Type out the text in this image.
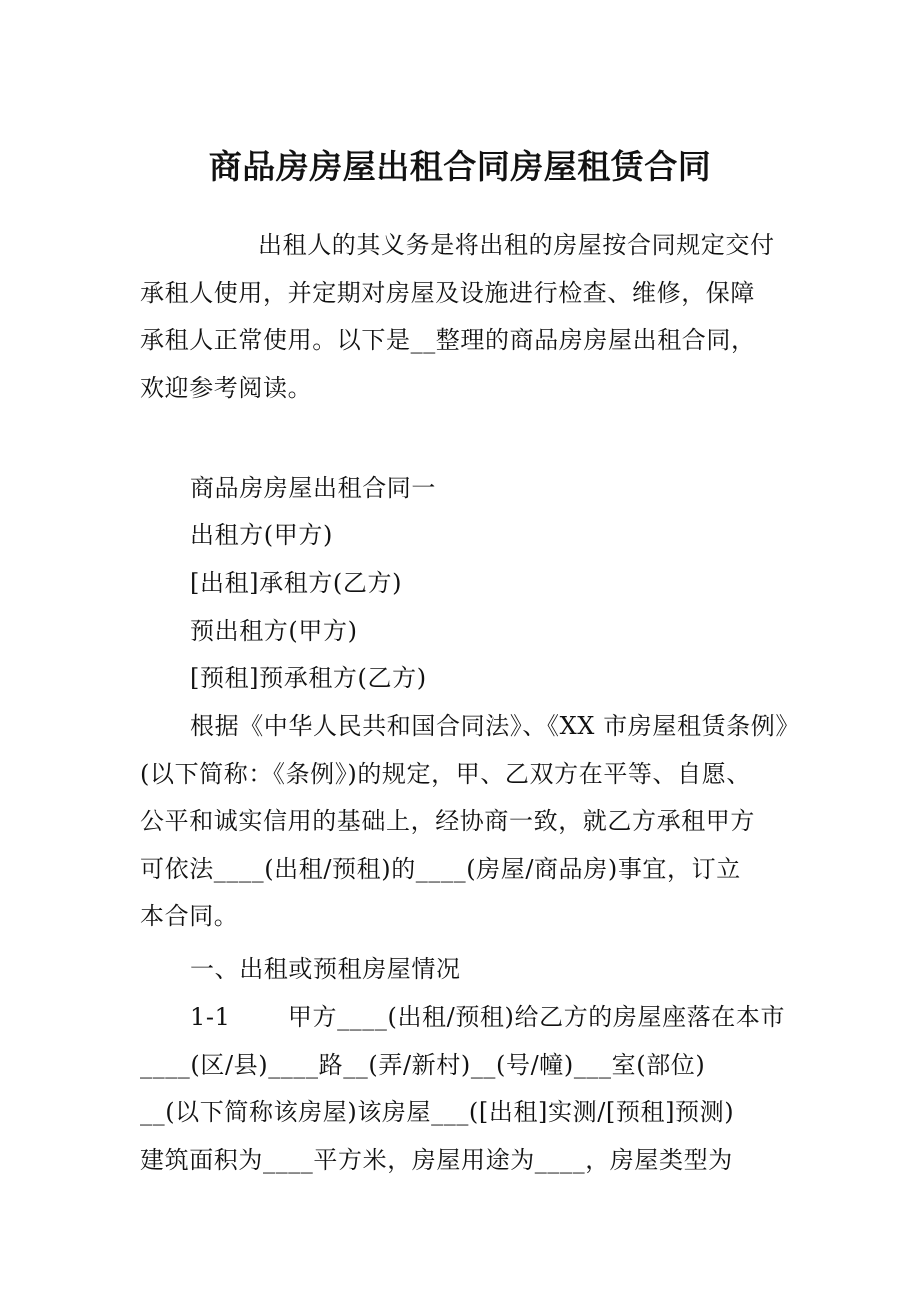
商品房房屋出租合同房屋租赁合同
出租人的其义务是将出租的房屋按合同规定交付
承租人使用，并定期对房屋及设施进行检查、维修，保障
承租人正常使用。以下是__整理的商品房房屋出租合同，
欢迎参考阅读。
商品房房屋出租合同一
出租方(甲方)
[出租]承租方(乙方)
预出租方(甲方)
[预租]预承租方(乙方)
根据《中华人民共和国合同法》、《XX 市房屋租赁条例》
(以下简称：《条例》)的规定，甲、乙双方在平等、自愿、
公平和诚实信用的基础上，经协商一致，就乙方承租甲方
可依法____(出租/预租)的____(房屋/商品房)事宜，订立
本合同。
一、出租或预租房屋情况
1-1　　 甲方____(出租/预租)给乙方的房屋座落在本市
____(区/县)____路__(弄/新村)__(号/幢)___室(部位)
__(以下简称该房屋)该房屋___([出租]实测/[预租]预测)
建筑面积为____平方米，房屋用途为____，房屋类型为
